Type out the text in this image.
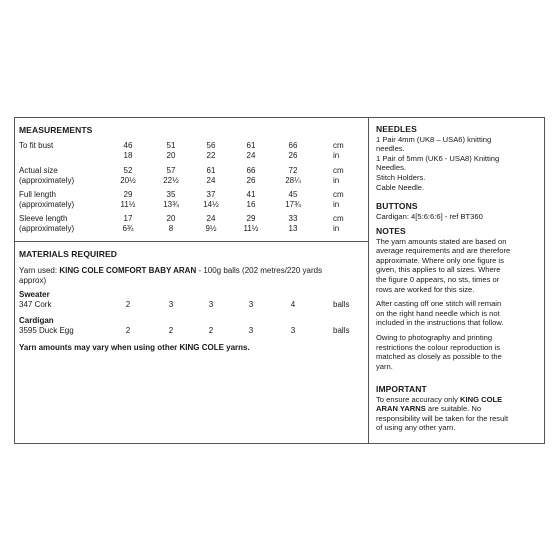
MEASUREMENTS
To fit bust	46	51	56	61	66	cm
18	20	22	24	26	in
Actual size
(approximately)
52	57	61	66	72	cm
20½	22½	24	26	28¼	in
Full length
(approximately)
29	35	37	41	45	cm
11½	13¾	14½	16	17¾	in
Sleeve length
(approximately)
17	20	24	29	33	cm
6¾	8	9½	11½	13	in
MATERIALS REQUIRED
Yarn used: KING COLE COMFORT BABY ARAN - 100g balls (202 metres/220 yards
approx)
Sweater
347 Cork	2	3	3	3	4	balls
Cardigan
3595 Duck Egg	2	2	2	3	3	balls
Yarn amounts may vary when using other KING COLE yarns.
NEEDLES

1 Pair 4mm (UK8 – USA6) knitting

needles.

1 Pair of 5mm (UK6 - USA8) Knitting

Needles.

Stitch Holders.

Cable Needle.

BUTTONS

Cardigan: 4[5:6:6:6] - ref BT360

NOTES

The yarn amounts stated are based on

average requirements and are therefore

approximate. Where only one figure is

given, this applies to all sizes. Where

the figure 0 appears, no sts, times or

rows are worked for this size.

After casting off one stitch will remain

on the right hand needle which is not

included in the instructions that follow.

Owing to photography and printing

restrictions the colour reproduction is

matched as closely as possible to the

yarn.

IMPORTANT

To ensure accuracy only KING COLE

ARAN YARNS are suitable. No

responsibility will be taken for the result

of using any other yarn.
